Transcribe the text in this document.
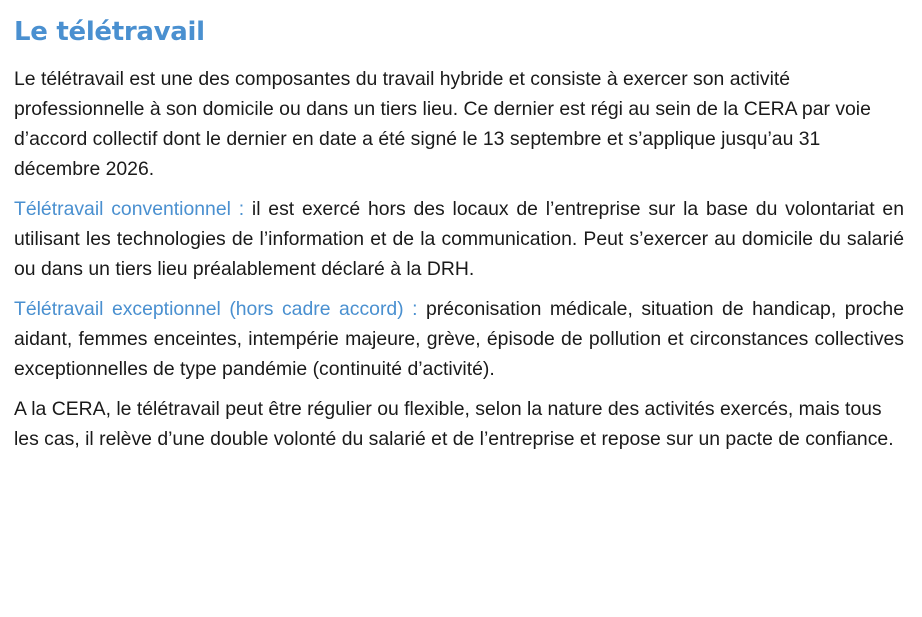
Le télétravail

Le télétravail est une des composantes du travail hybride et consiste à exercer son activité professionnelle à son domicile ou dans un tiers lieu. Ce dernier est régi au sein de la CERA par voie d’accord collectif dont le dernier en date a été signé le 13 septembre et s’applique jusqu’au 31 décembre 2026.

Télétravail conventionnel : il est exercé hors des locaux de l’entreprise sur la base du volontariat en utilisant les technologies de l’information et de la communication. Peut s’exercer au domicile du salarié ou dans un tiers lieu préalablement déclaré à la DRH.

Télétravail exceptionnel (hors cadre accord) : préconisation médicale, situation de handicap, proche aidant, femmes enceintes, intempérie majeure, grève, épisode de pollution et circonstances collectives exceptionnelles de type pandémie (continuité d’activité).

A la CERA, le télétravail peut être régulier ou flexible, selon la nature des activités exercés, mais tous les cas, il relève d’une double volonté du salarié et de l’entreprise et repose sur un pacte de confiance.
